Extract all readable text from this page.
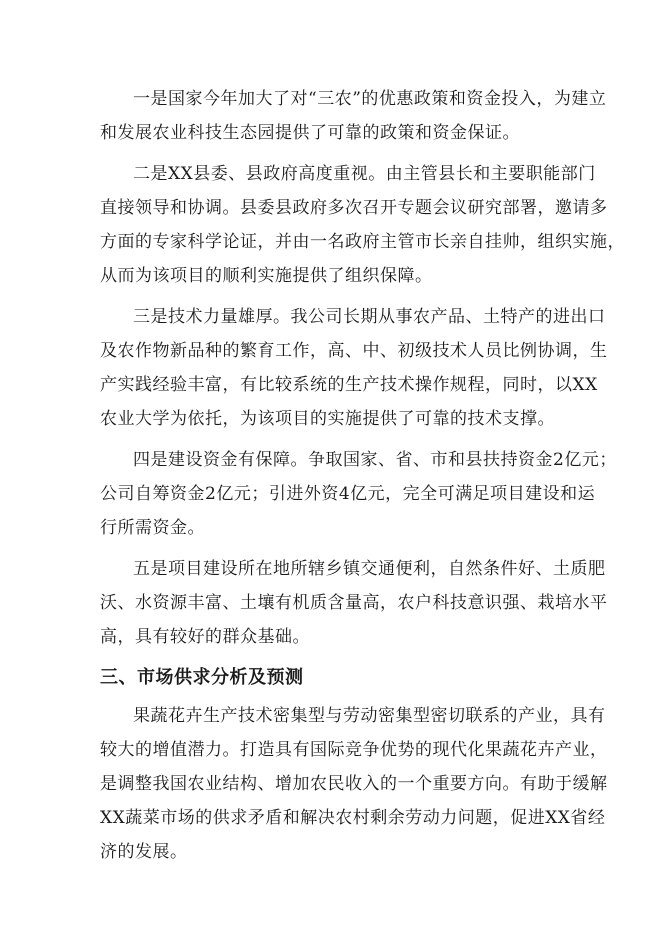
一是国家今年加大了对“三农”的优惠政策和资金投入，为建立
和发展农业科技生态园提供了可靠的政策和资金保证。

二是XX县委、县政府高度重视。由主管县长和主要职能部门
直接领导和协调。县委县政府多次召开专题会议研究部署，邀请多
方面的专家科学论证，并由一名政府主管市长亲自挂帅，组织实施，
从而为该项目的顺利实施提供了组织保障。

三是技术力量雄厚。我公司长期从事农产品、土特产的进出口
及农作物新品种的繁育工作，高、中、初级技术人员比例协调，生
产实践经验丰富，有比较系统的生产技术操作规程，同时，以XX
农业大学为依托，为该项目的实施提供了可靠的技术支撑。

四是建设资金有保障。争取国家、省、市和县扶持资金2亿元；
公司自筹资金2亿元；引进外资4亿元，完全可满足项目建设和运
行所需资金。

五是项目建设所在地所辖乡镇交通便利，自然条件好、土质肥
沃、水资源丰富、土壤有机质含量高，农户科技意识强、栽培水平
高，具有较好的群众基础。

三、市场供求分析及预测

果蔬花卉生产技术密集型与劳动密集型密切联系的产业，具有
较大的增值潜力。打造具有国际竞争优势的现代化果蔬花卉产业，
是调整我国农业结构、增加农民收入的一个重要方向。有助于缓解
XX蔬菜市场的供求矛盾和解决农村剩余劳动力问题，促进XX省经
济的发展。
